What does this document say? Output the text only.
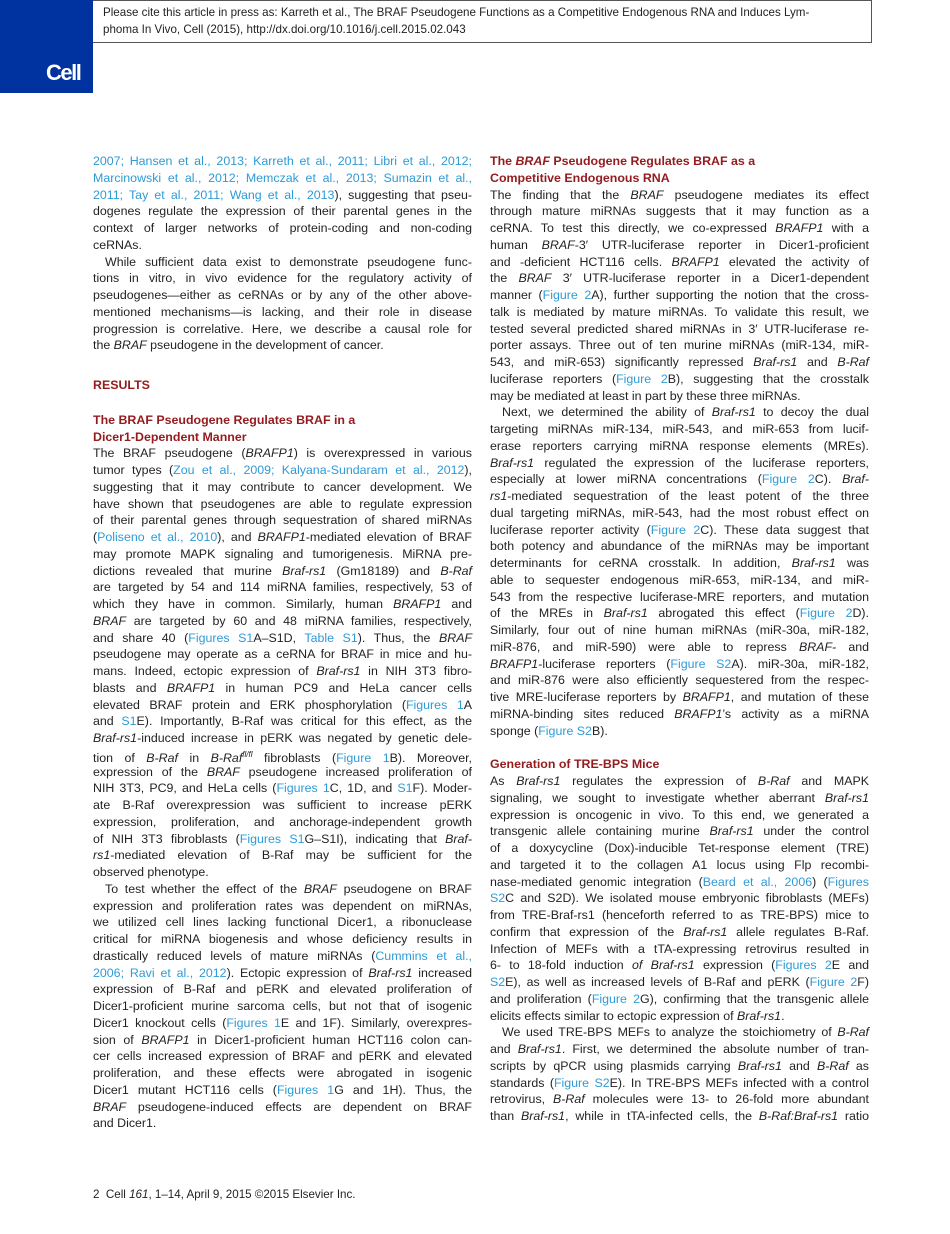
Cell
Please cite this article in press as: Karreth et al., The BRAF Pseudogene Functions as a Competitive Endogenous RNA and Induces Lym-
phoma In Vivo, Cell (2015), http://dx.doi.org/10.1016/j.cell.2015.02.043
2007; Hansen et al., 2013; Karreth et al., 2011; Libri et al., 2012;
Marcinowski et al., 2012; Memczak et al., 2013; Sumazin et al.,
2011; Tay et al., 2011; Wang et al., 2013), suggesting that pseu-
dogenes regulate the expression of their parental genes in the
context of larger networks of protein-coding and non-coding
ceRNAs.
While sufficient data exist to demonstrate pseudogene func-
tions in vitro, in vivo evidence for the regulatory activity of
pseudogenes—either as ceRNAs or by any of the other above-
mentioned mechanisms—is lacking, and their role in disease
progression is correlative. Here, we describe a causal role for
the BRAF pseudogene in the development of cancer.
RESULTS
The BRAF Pseudogene Regulates BRAF in a
Dicer1-Dependent Manner
The BRAF pseudogene (BRAFP1) is overexpressed in various
tumor types (Zou et al., 2009; Kalyana-Sundaram et al., 2012),
suggesting that it may contribute to cancer development. We
have shown that pseudogenes are able to regulate expression
of their parental genes through sequestration of shared miRNAs
(Poliseno et al., 2010), and BRAFP1-mediated elevation of BRAF
may promote MAPK signaling and tumorigenesis. MiRNA pre-
dictions revealed that murine Braf-rs1 (Gm18189) and B-Raf
are targeted by 54 and 114 miRNA families, respectively, 53 of
which they have in common. Similarly, human BRAFP1 and
BRAF are targeted by 60 and 48 miRNA families, respectively,
and share 40 (Figures S1A–S1D, Table S1). Thus, the BRAF
pseudogene may operate as a ceRNA for BRAF in mice and hu-
mans. Indeed, ectopic expression of Braf-rs1 in NIH 3T3 fibro-
blasts and BRAFP1 in human PC9 and HeLa cancer cells
elevated BRAF protein and ERK phosphorylation (Figures 1A
and S1E). Importantly, B-Raf was critical for this effect, as the
Braf-rs1-induced increase in pERK was negated by genetic dele-
tion of B-Raf in B-Raf$^{fl/fl}$ fibroblasts (Figure 1B). Moreover,
expression of the BRAF pseudogene increased proliferation of
NIH 3T3, PC9, and HeLa cells (Figures 1C, 1D, and S1F). Moder-
ate B-Raf overexpression was sufficient to increase pERK
expression, proliferation, and anchorage-independent growth
of NIH 3T3 fibroblasts (Figures S1G–S1I), indicating that Braf-
rs1-mediated elevation of B-Raf may be sufficient for the
observed phenotype.
To test whether the effect of the BRAF pseudogene on BRAF
expression and proliferation rates was dependent on miRNAs,
we utilized cell lines lacking functional Dicer1, a ribonuclease
critical for miRNA biogenesis and whose deficiency results in
drastically reduced levels of mature miRNAs (Cummins et al.,
2006; Ravi et al., 2012). Ectopic expression of Braf-rs1 increased
expression of B-Raf and pERK and elevated proliferation of
Dicer1-proficient murine sarcoma cells, but not that of isogenic
Dicer1 knockout cells (Figures 1E and 1F). Similarly, overexpres-
sion of BRAFP1 in Dicer1-proficient human HCT116 colon can-
cer cells increased expression of BRAF and pERK and elevated
proliferation, and these effects were abrogated in isogenic
Dicer1 mutant HCT116 cells (Figures 1G and 1H). Thus, the
BRAF pseudogene-induced effects are dependent on BRAF
and Dicer1.
The BRAF Pseudogene Regulates BRAF as a
Competitive Endogenous RNA
The finding that the BRAF pseudogene mediates its effect
through mature miRNAs suggests that it may function as a
ceRNA. To test this directly, we co-expressed BRAFP1 with a
human BRAF-3′ UTR-luciferase reporter in Dicer1-proficient
and -deficient HCT116 cells. BRAFP1 elevated the activity of
the BRAF 3′ UTR-luciferase reporter in a Dicer1-dependent
manner (Figure 2A), further supporting the notion that the cross-
talk is mediated by mature miRNAs. To validate this result, we
tested several predicted shared miRNAs in 3′ UTR-luciferase re-
porter assays. Three out of ten murine miRNAs (miR-134, miR-
543, and miR-653) significantly repressed Braf-rs1 and B-Raf
luciferase reporters (Figure 2B), suggesting that the crosstalk
may be mediated at least in part by these three miRNAs.
Next, we determined the ability of Braf-rs1 to decoy the dual
targeting miRNAs miR-134, miR-543, and miR-653 from lucif-
erase reporters carrying miRNA response elements (MREs).
Braf-rs1 regulated the expression of the luciferase reporters,
especially at lower miRNA concentrations (Figure 2C). Braf-
rs1-mediated sequestration of the least potent of the three
dual targeting miRNAs, miR-543, had the most robust effect on
luciferase reporter activity (Figure 2C). These data suggest that
both potency and abundance of the miRNAs may be important
determinants for ceRNA crosstalk. In addition, Braf-rs1 was
able to sequester endogenous miR-653, miR-134, and miR-
543 from the respective luciferase-MRE reporters, and mutation
of the MREs in Braf-rs1 abrogated this effect (Figure 2D).
Similarly, four out of nine human miRNAs (miR-30a, miR-182,
miR-876, and miR-590) were able to repress BRAF- and
BRAFP1-luciferase reporters (Figure S2A). miR-30a, miR-182,
and miR-876 were also efficiently sequestered from the respec-
tive MRE-luciferase reporters by BRAFP1, and mutation of these
miRNA-binding sites reduced BRAFP1’s activity as a miRNA
sponge (Figure S2B).
Generation of TRE-BPS Mice
As Braf-rs1 regulates the expression of B-Raf and MAPK
signaling, we sought to investigate whether aberrant Braf-rs1
expression is oncogenic in vivo. To this end, we generated a
transgenic allele containing murine Braf-rs1 under the control
of a doxycycline (Dox)-inducible Tet-response element (TRE)
and targeted it to the collagen A1 locus using Flp recombi-
nase-mediated genomic integration (Beard et al., 2006) (Figures
S2C and S2D). We isolated mouse embryonic fibroblasts (MEFs)
from TRE-Braf-rs1 (henceforth referred to as TRE-BPS) mice to
confirm that expression of the Braf-rs1 allele regulates B-Raf.
Infection of MEFs with a tTA-expressing retrovirus resulted in
6- to 18-fold induction of Braf-rs1 expression (Figures 2E and
S2E), as well as increased levels of B-Raf and pERK (Figure 2F)
and proliferation (Figure 2G), confirming that the transgenic allele
elicits effects similar to ectopic expression of Braf-rs1.
We used TRE-BPS MEFs to analyze the stoichiometry of B-Raf
and Braf-rs1. First, we determined the absolute number of tran-
scripts by qPCR using plasmids carrying Braf-rs1 and B-Raf as
standards (Figure S2E). In TRE-BPS MEFs infected with a control
retrovirus, B-Raf molecules were 13- to 26-fold more abundant
than Braf-rs1, while in tTA-infected cells, the B-Raf:Braf-rs1 ratio
2 Cell 161, 1–14, April 9, 2015 ©2015 Elsevier Inc.
